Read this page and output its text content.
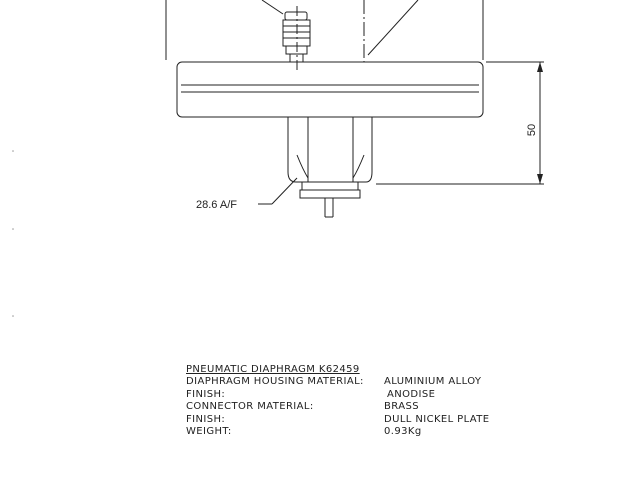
50
28.6 A/F
PNEUMATIC DIAPHRAGM K62459
DIAPHRAGM HOUSING MATERIAL:	ALUMINIUM ALLOY
FINISH:	ANODISE
CONNECTOR MATERIAL:	BRASS
FINISH:	DULL NICKEL PLATE
WEIGHT:	0.93Kg
